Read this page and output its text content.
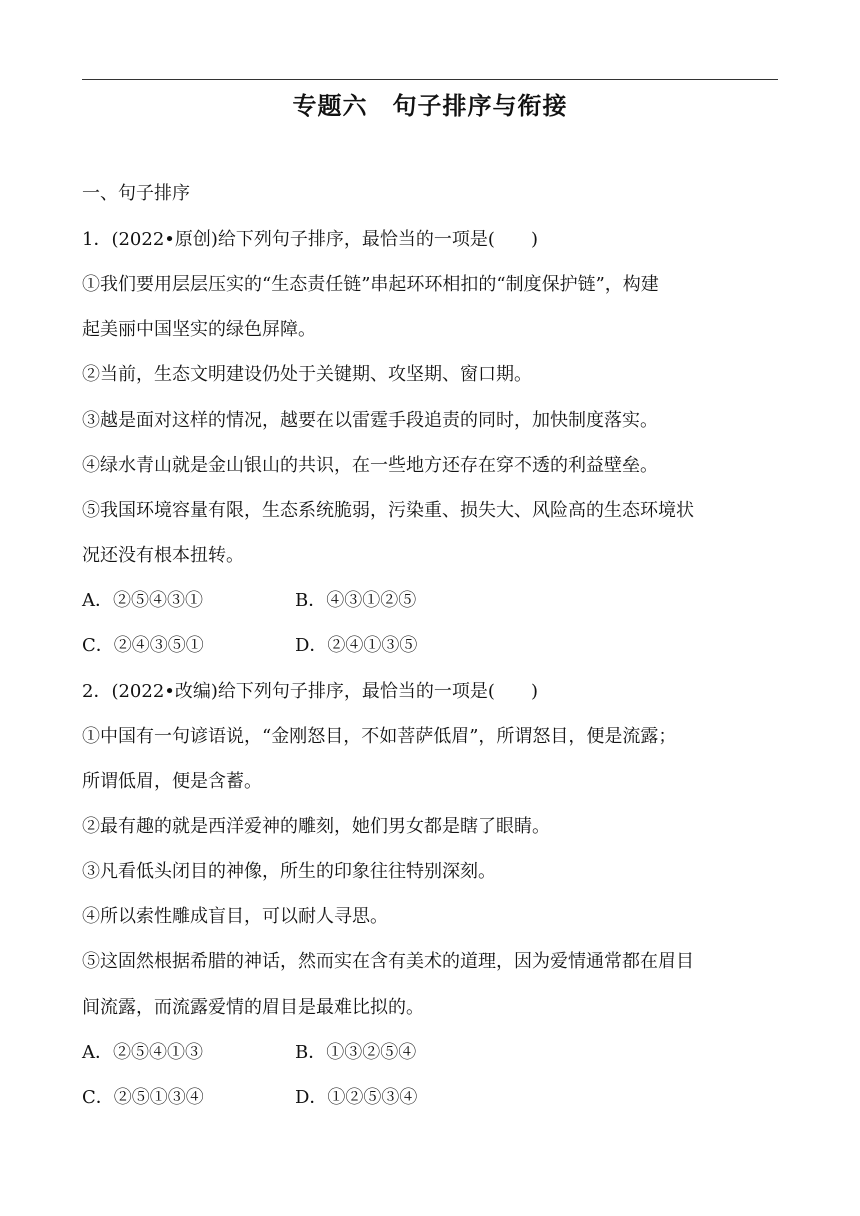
专题六　句子排序与衔接
一、句子排序
1．(2022•原创)给下列句子排序，最恰当的一项是(　　)
①我们要用层层压实的“生态责任链”串起环环相扣的“制度保护链”，构建
起美丽中国坚实的绿色屏障。
②当前，生态文明建设仍处于关键期、攻坚期、窗口期。
③越是面对这样的情况，越要在以雷霆手段追责的同时，加快制度落实。
④绿水青山就是金山银山的共识，在一些地方还存在穿不透的利益壁垒。
⑤我国环境容量有限，生态系统脆弱，污染重、损失大、风险高的生态环境状
况还没有根本扭转。
A．②⑤④③①	B．④③①②⑤
C．②④③⑤①	D．②④①③⑤
2．(2022•改编)给下列句子排序，最恰当的一项是(　　)
①中国有一句谚语说，“金刚怒目，不如菩萨低眉”，所谓怒目，便是流露；
所谓低眉，便是含蓄。
②最有趣的就是西洋爱神的雕刻，她们男女都是瞎了眼睛。
③凡看低头闭目的神像，所生的印象往往特别深刻。
④所以索性雕成盲目，可以耐人寻思。
⑤这固然根据希腊的神话，然而实在含有美术的道理，因为爱情通常都在眉目
间流露，而流露爱情的眉目是最难比拟的。
A．②⑤④①③	B．①③②⑤④
C．②⑤①③④	D．①②⑤③④
